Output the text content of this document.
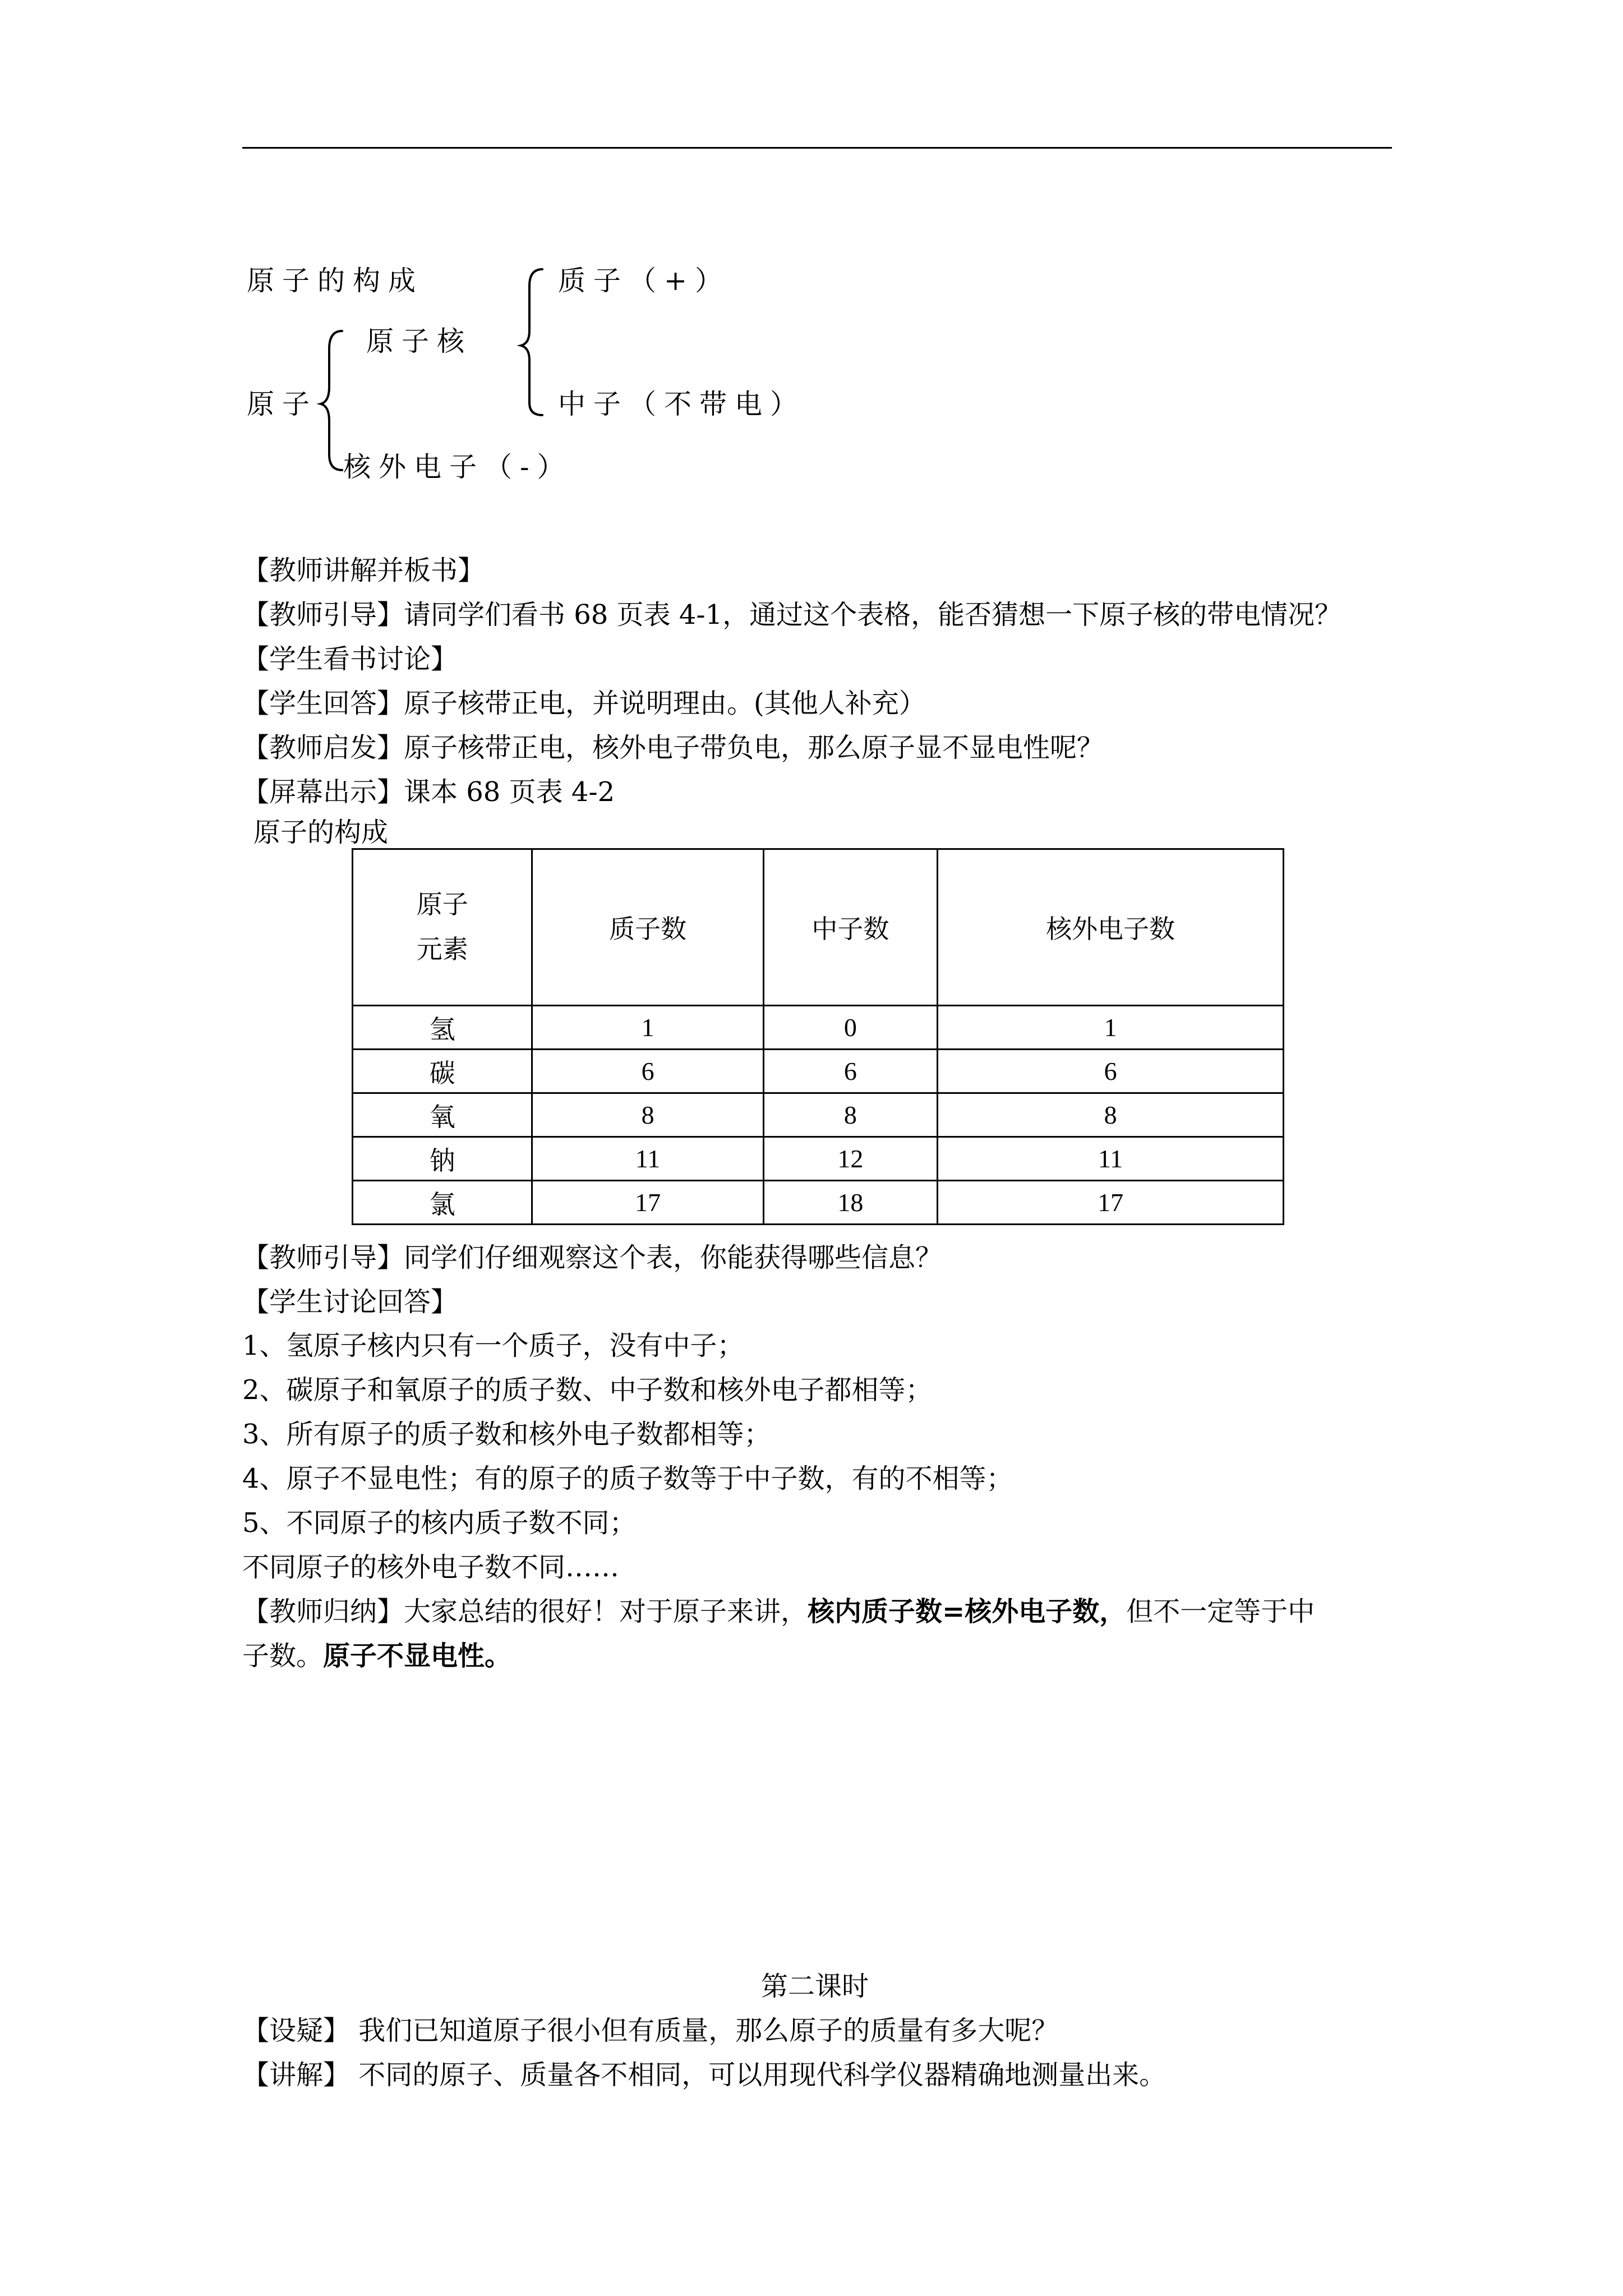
原子的构成	质子（+）
原子核
原子	中子（不带电）
核外电子（-）
【教师讲解并板书】
【教师引导】请同学们看书 68 页表 4-1，通过这个表格，能否猜想一下原子核的带电情况？
【学生看书讨论】
【学生回答】原子核带正电，并说明理由。(其他人补充）
【教师启发】原子核带正电，核外电子带负电，那么原子显不显电性呢？
【屏幕出示】课本 68 页表 4-2
原子的构成
原子
元素	质子数	中子数	核外电子数
氢	1	0	1
碳	6	6	6
氧	8	8	8
钠	11	12	11
氯	17	18	17
【教师引导】同学们仔细观察这个表，你能获得哪些信息？
【学生讨论回答】
1、氢原子核内只有一个质子，没有中子；
2、碳原子和氧原子的质子数、中子数和核外电子都相等；
3、所有原子的质子数和核外电子数都相等；
4、原子不显电性；有的原子的质子数等于中子数，有的不相等；
5、不同原子的核内质子数不同；
不同原子的核外电子数不同……
【教师归纳】大家总结的很好！对于原子来讲，核内质子数=核外电子数，但不一定等于中
子数。原子不显电性。
第二课时
【设疑】 我们已知道原子很小但有质量，那么原子的质量有多大呢？
【讲解】 不同的原子、质量各不相同，可以用现代科学仪器精确地测量出来。
